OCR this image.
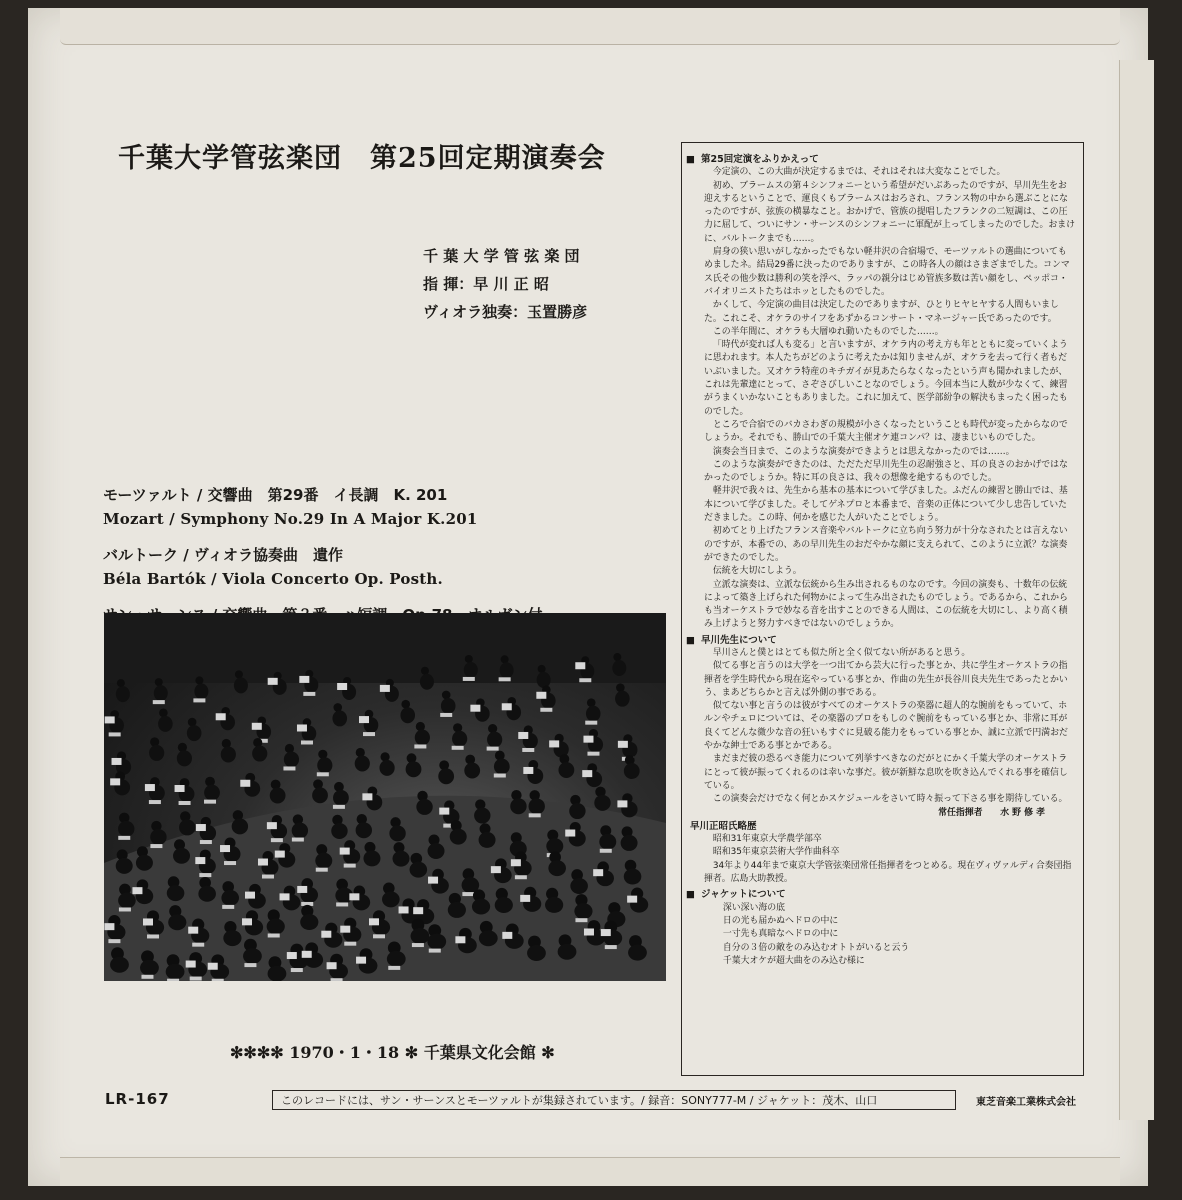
千葉大学管弦楽団　第25回定期演奏会
千 葉 大 学 管 弦 楽 団
指 揮：早 川 正 昭
ヴィオラ独奏：玉置勝彦
モーツァルト / 交響曲　第29番　イ長調　K. 201
Mozart / Symphony No.29 In A Major K.201
バルトーク / ヴィオラ協奏曲　遺作
Béla Bartók / Viola Concerto Op. Posth.
✻✻✻✻ 1970・1・18 ✻ 千葉県文化会館 ✻
LR-167	このレコードには、サン・サーンスとモーツァルトが集録されています。/ 録音：SONY777-M / ジャケット：茂木、山口	東芝音楽工業株式会社
■ 第25回定演をふりかえって

今定演の、この大曲が決定するまでは、それはそれは大変なことでした。

初め、ブラームスの第４シンフォニーという希望がだいぶあったのですが、早川先生をお迎えするということで、運良くもブラームスはおろされ、フランス物の中から選ぶことになったのですが、弦族の横暴なこと。おかげで、管族の提唱したフランクの二短調は、この圧力に屈して、ついにサン・サーンスのシンフォニーに軍配が上ってしまったのでした。おまけに、バルトークまでも……。

肩身の狭い思いがしなかったでもない軽井沢の合宿場で、モーツァルトの選曲についてもめましたネ。結局29番に決ったのでありますが、この時各人の顔はさまざまでした。コンマス氏その他少数は勝利の笑を浮べ、ラッパの親分はじめ管族多数は苦い顔をし、ペッポコ・バイオリニストたちはホッとしたものでした。

かくして、今定演の曲目は決定したのでありますが、ひとりヒヤヒヤする人間もいました。これこそ、オケラのサイフをあずかるコンサート・マネージャー氏であったのです。

この半年間に、オケラも大層ゆれ動いたものでした……。

「時代が変れば人も変る」と言いますが、オケラ内の考え方も年とともに変っていくように思われます。本人たちがどのように考えたかは知りませんが、オケラを去って行く者もだいぶいました。又オケラ特産のキチガイが見あたらなくなったという声も聞かれましたが、これは先輩達にとって、さぞさびしいことなのでしょう。今回本当に人数が少なくて、練習がうまくいかないこともありました。これに加えて、医学部紛争の解決もまったく困ったものでした。

ところで合宿でのバカさわぎの規模が小さくなったということも時代が変ったからなのでしょうか。それでも、勝山での千葉大主催オケ連コンパ？は、凄まじいものでした。

演奏会当日まで、このような演奏ができようとは思えなかったのでは……。

このような演奏ができたのは、ただただ早川先生の忍耐強さと、耳の良さのおかげではなかったのでしょうか。特に耳の良さは、我々の想像を絶するものでした。

軽井沢で我々は、先生から基本の基本について学びました。ふだんの練習と勝山では、基本について学びました。そしてゲネプロと本番まで、音楽の正体について少し忠告していただきました。この時、何かを感じた人がいたことでしょう。

初めてとり上げたフランス音楽やバルトークに立ち向う努力が十分なされたとは言えないのですが、本番での、あの早川先生のおだやかな顔に支えられて、このように立派？な演奏ができたのでした。

伝統を大切にしよう。

立派な演奏は、立派な伝統から生み出されるものなのです。今回の演奏も、十数年の伝統によって築き上げられた何物かによって生み出されたものでしょう。であるから、これからも当オーケストラで妙なる音を出すことのできる人間は、この伝統を大切にし、より高く積み上げようと努力すべきではないのでしょうか。

■ 早川先生について

早川さんと僕とはとても似た所と全く似てない所があると思う。

似てる事と言うのは大学を一つ出てから芸大に行った事とか、共に学生オーケストラの指揮者を学生時代から現在迄やっている事とか、作曲の先生が長谷川良夫先生であったとかいう、まあどちらかと言えば外側の事である。

似てない事と言うのは彼がすべてのオーケストラの楽器に超人的な腕前をもっていて、ホルンやチェロについては、その楽器のプロをもしのぐ腕前をもっている事とか、非常に耳が良くてどんな微少な音の狂いもすぐに見破る能力をもっている事とか、誠に立派で円満おだやかな紳士である事とかである。

まだまだ彼の恐るべき能力について列挙すべきなのだがとにかく千葉大学のオーケストラにとって彼が振ってくれるのは幸いな事だ。彼が新鮮な息吹を吹き込んでくれる事を確信している。

この演奏会だけでなく何とかスケジュールをさいて時々振って下さる事を期待している。

常任指揮者　　水 野 修 孝
早川正昭氏略歴

昭和31年東京大学農学部卒

昭和35年東京芸術大学作曲科卒

34年より44年まで東京大学管弦楽団常任指揮者をつとめる。現在ヴィヴァルディ合奏団指揮者。広島大助教授。

■ ジャケットについて

深い深い海の底

日の光も届かぬヘドロの中に

一寸先も真暗なヘドロの中に

自分の３倍の敵をのみ込むオトトがいると云う

千葉大オケが超大曲をのみ込む様に
